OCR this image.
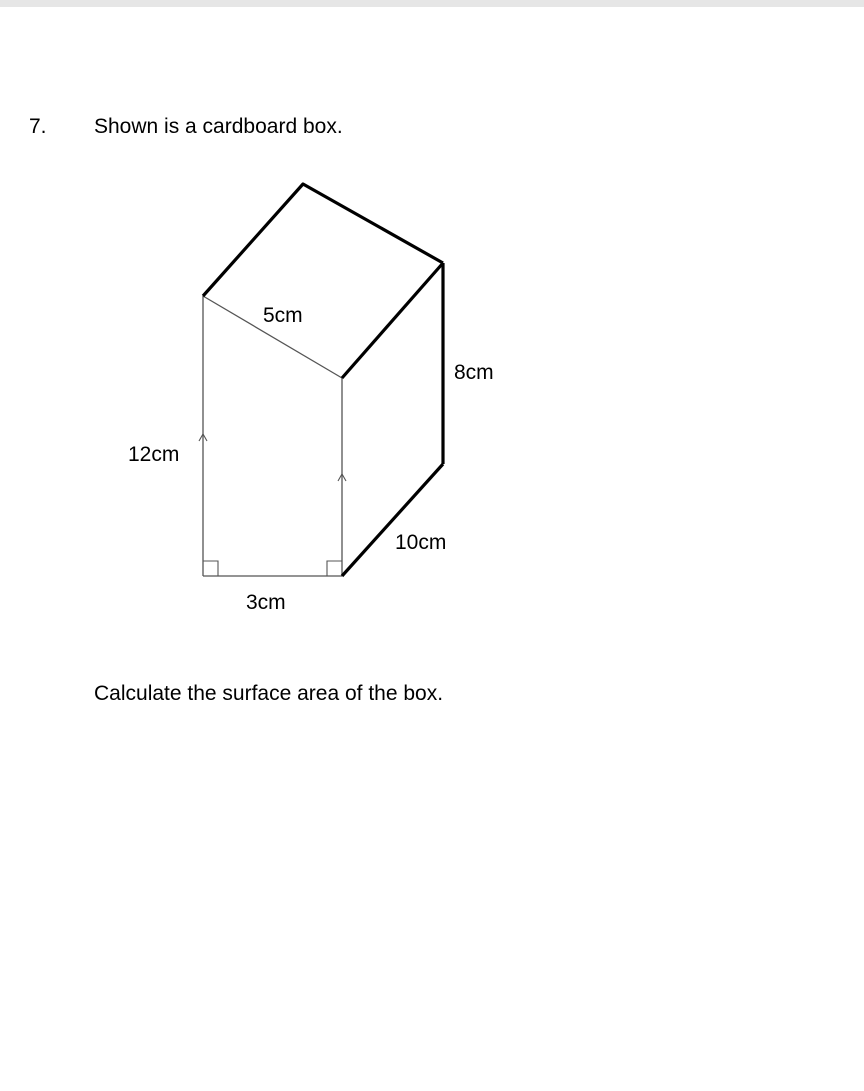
7. Shown is a cardboard box.
5cm
8cm
12cm
10cm
3cm
Calculate the surface area of the box.
